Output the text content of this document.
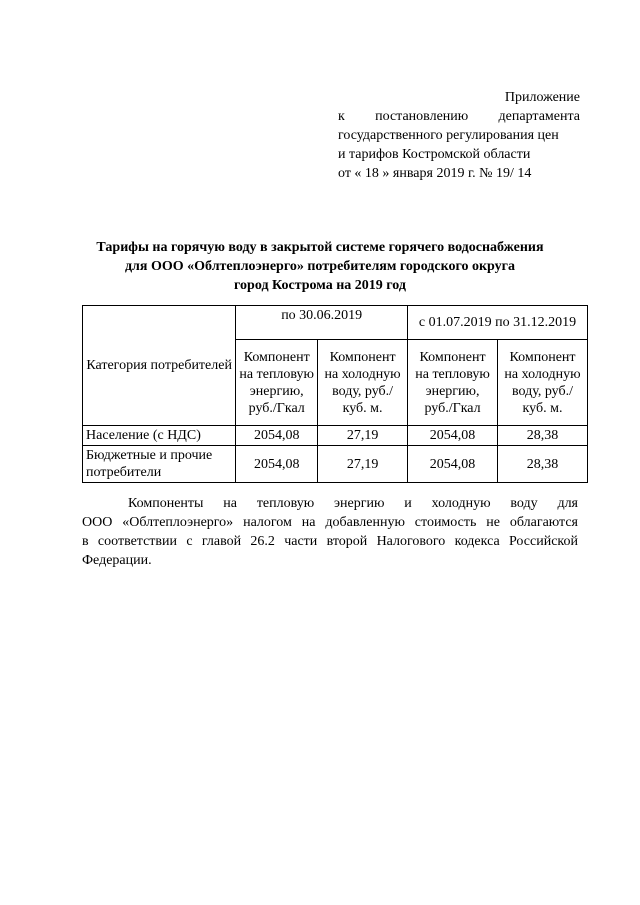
Приложение
к постановлению департамента
государственного регулирования цен
и тарифов Костромской области
от « 18 » января 2019 г. № 19/ 14
Тарифы на горячую воду в закрытой системе горячего водоснабжения
для ООО «Облтеплоэнерго» потребителям городского округа
город Кострома на 2019 год
Категория потребителей	по 30.06.2019		с 01.07.2019 по 31.12.2019	
	Компонент на тепловую энергию, руб./Гкал	Компонент на холодную воду, руб./куб. м.	Компонент на тепловую энергию, руб./Гкал	Компонент на холодную воду, руб./куб. м.
Население (с НДС)	2054,08	27,19	2054,08	28,38
Бюджетные и прочие потребители	2054,08	27,19	2054,08	28,38
Компоненты на тепловую энергию и холодную воду для
ООО «Облтеплоэнерго» налогом на добавленную стоимость не облагаются
в соответствии с главой 26.2 части второй Налогового кодекса Российской
Федерации.
